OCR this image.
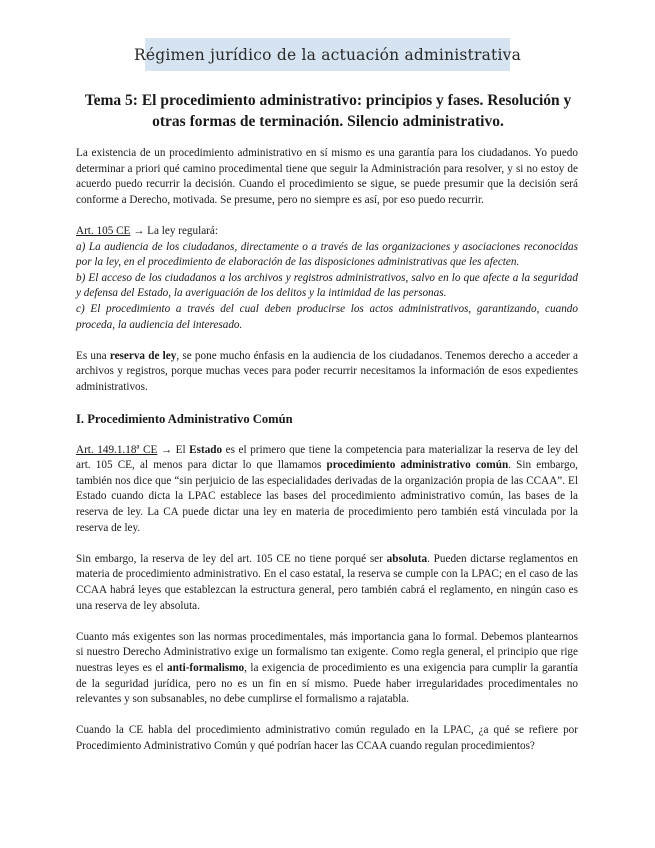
Régimen jurídico de la actuación administrativa
Tema 5: El procedimiento administrativo: principios y fases. Resolución y
otras formas de terminación. Silencio administrativo.

La existencia de un procedimiento administrativo en sí mismo es una garantía para los ciudadanos. Yo puedo determinar a priori qué camino procedimental tiene que seguir la Administración para resolver, y si no estoy de acuerdo puedo recurrir la decisión. Cuando el procedimiento se sigue, se puede presumir que la decisión será conforme a Derecho, motivada. Se presume, pero no siempre es así, por eso puedo recurrir.

Art. 105 CE → La ley regulará:

a) La audiencia de los ciudadanos, directamente o a través de las organizaciones y asociaciones reconocidas por la ley, en el procedimiento de elaboración de las disposiciones administrativas que les afecten.

b) El acceso de los ciudadanos a los archivos y registros administrativos, salvo en lo que afecte a la seguridad y defensa del Estado, la averiguación de los delitos y la intimidad de las personas.

c) El procedimiento a través del cual deben producirse los actos administrativos, garantizando, cuando proceda, la audiencia del interesado.

Es una reserva de ley, se pone mucho énfasis en la audiencia de los ciudadanos. Tenemos derecho a acceder a archivos y registros, porque muchas veces para poder recurrir necesitamos la información de esos expedientes administrativos.

I. Procedimiento Administrativo Común

Art. 149.1.18ª CE → El Estado es el primero que tiene la competencia para materializar la reserva de ley del art. 105 CE, al menos para dictar lo que llamamos procedimiento administrativo común. Sin embargo, también nos dice que “sin perjuicio de las especialidades derivadas de la organización propia de las CCAA”. El Estado cuando dicta la LPAC establece las bases del procedimiento administrativo común, las bases de la reserva de ley. La CA puede dictar una ley en materia de procedimiento pero también está vinculada por la reserva de ley.

Sin embargo, la reserva de ley del art. 105 CE no tiene porqué ser absoluta. Pueden dictarse reglamentos en materia de procedimiento administrativo. En el caso estatal, la reserva se cumple con la LPAC; en el caso de las CCAA habrá leyes que establezcan la estructura general, pero también cabrá el reglamento, en ningún caso es una reserva de ley absoluta.

Cuanto más exigentes son las normas procedimentales, más importancia gana lo formal. Debemos plantearnos si nuestro Derecho Administrativo exige un formalismo tan exigente. Como regla general, el principio que rige nuestras leyes es el anti-formalismo, la exigencia de procedimiento es una exigencia para cumplir la garantía de la seguridad jurídica, pero no es un fin en sí mismo. Puede haber irregularidades procedimentales no relevantes y son subsanables, no debe cumplirse el formalismo a rajatabla.

Cuando la CE habla del procedimiento administrativo común regulado en la LPAC, ¿a qué se refiere por Procedimiento Administrativo Común y qué podrían hacer las CCAA cuando regulan procedimientos?
